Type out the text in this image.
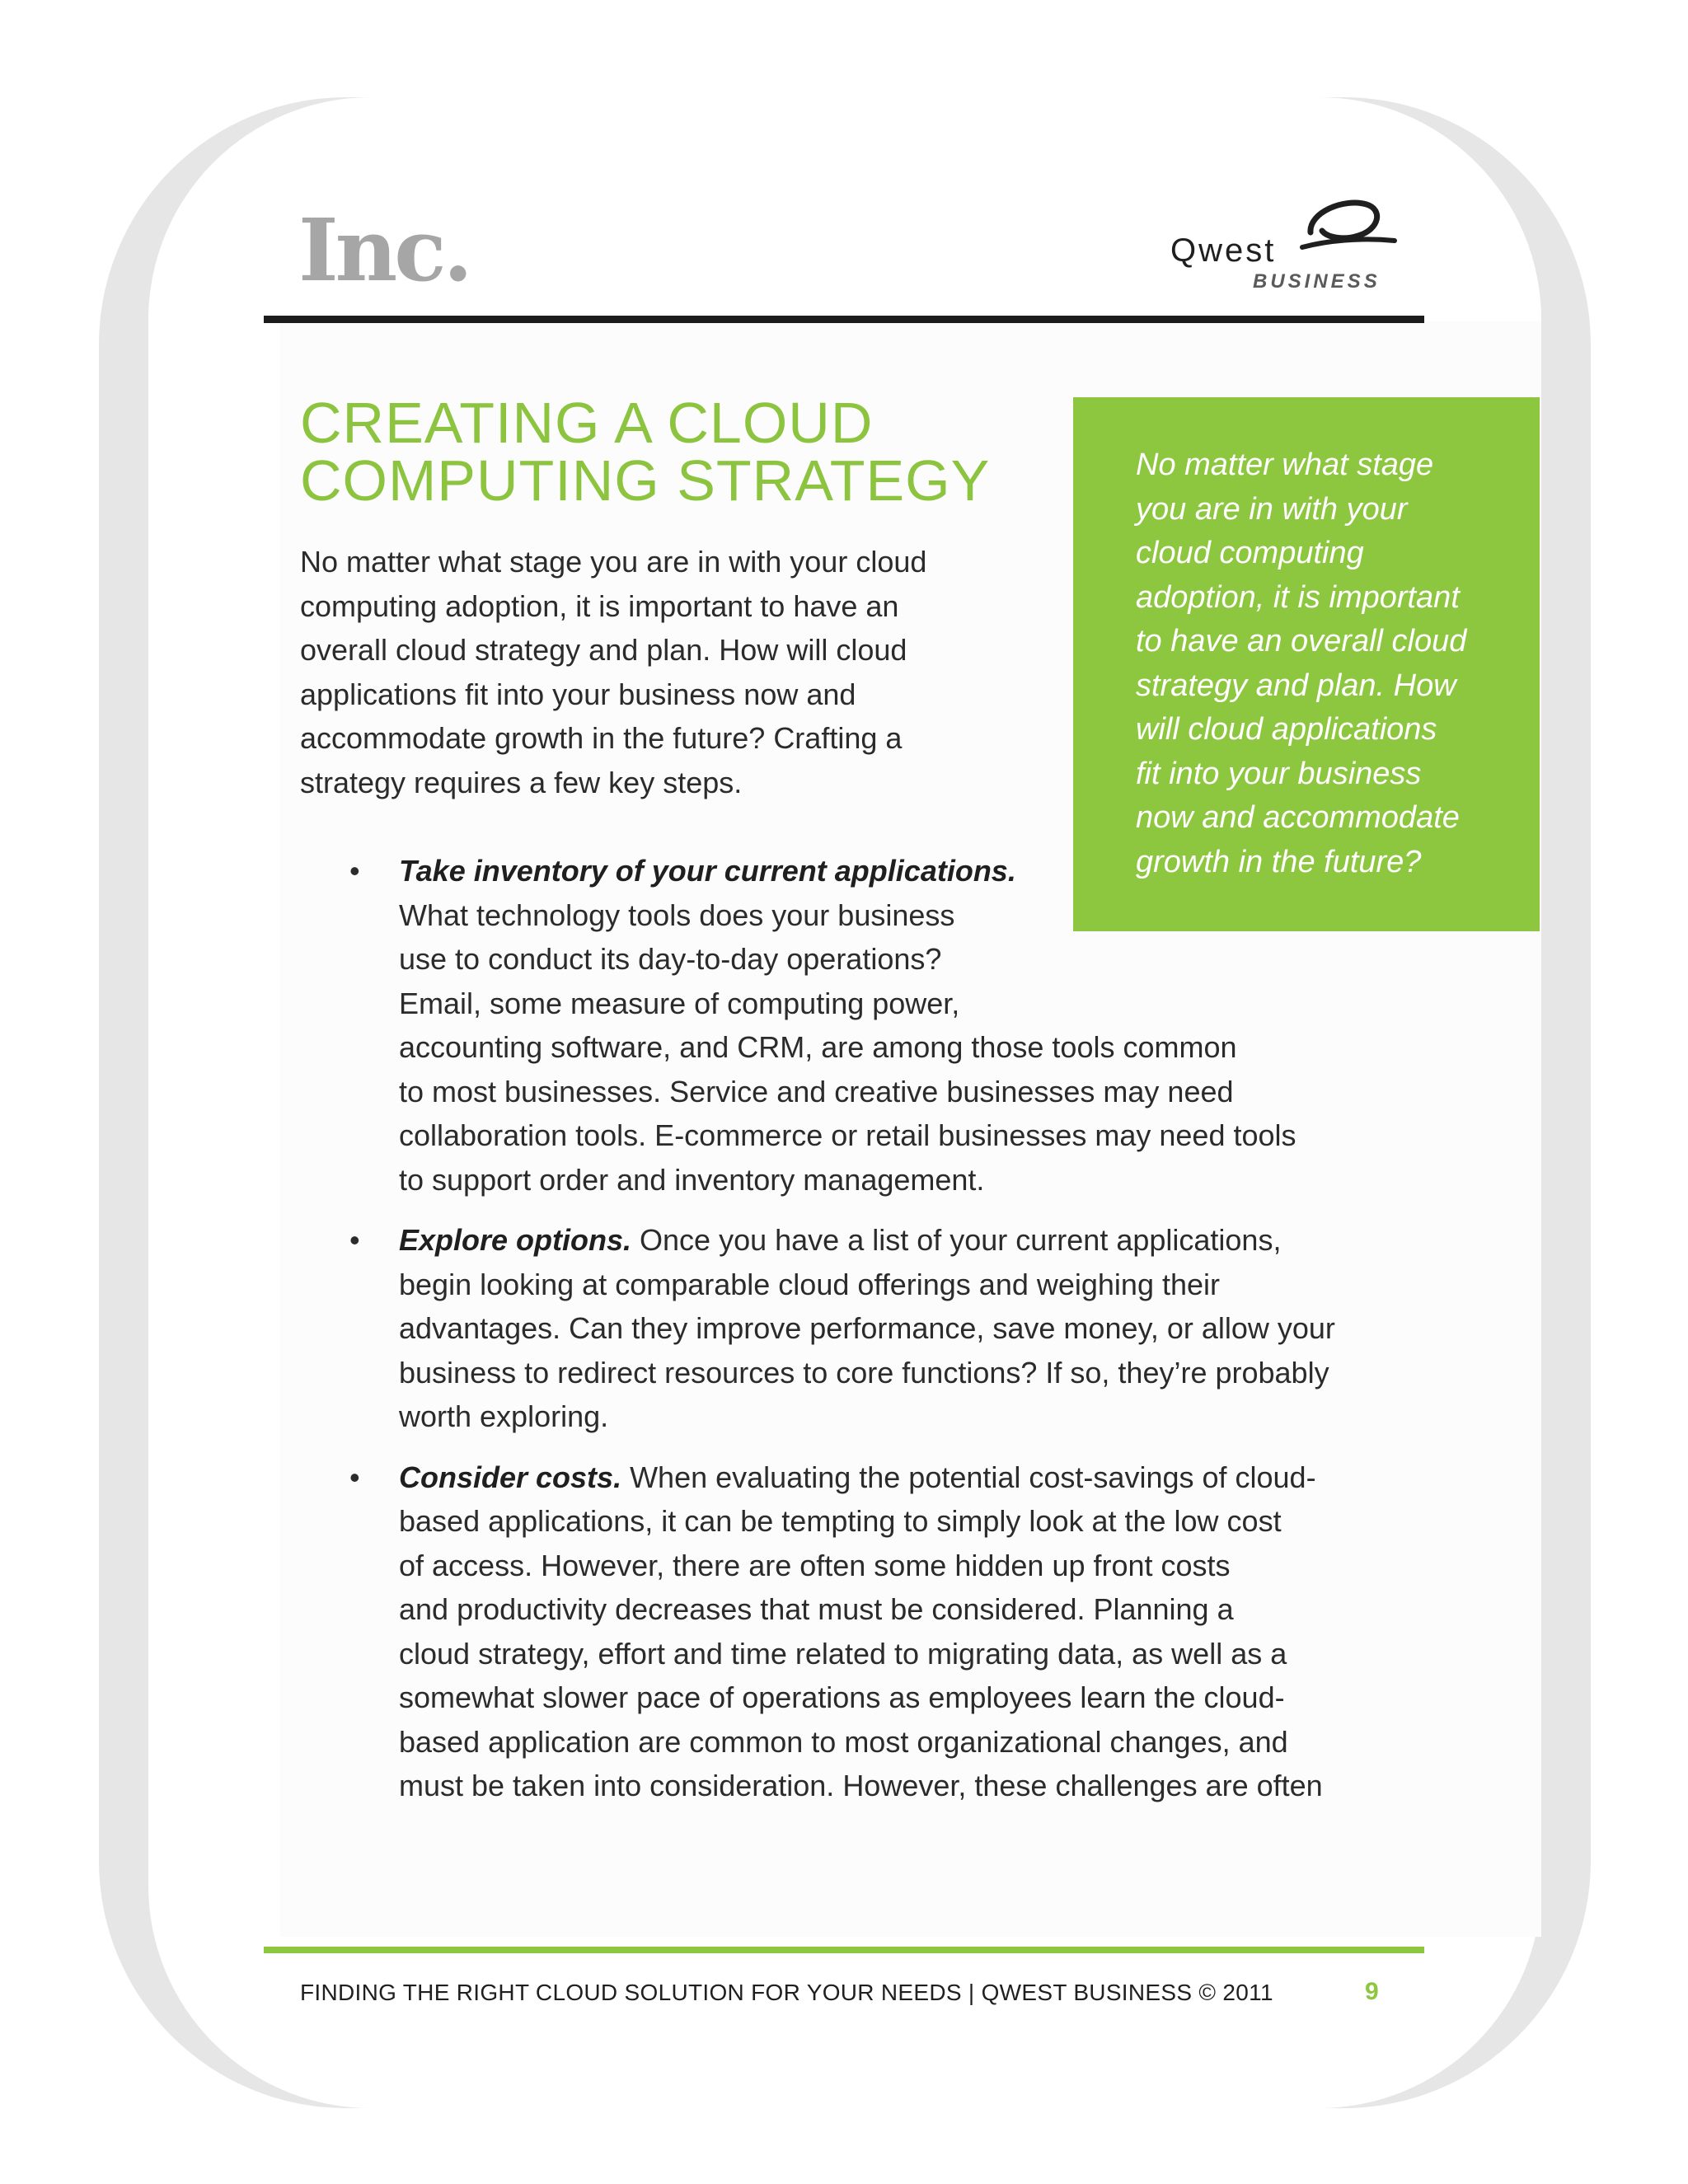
Inc.	Qwest
BUSINESS
CREATING A CLOUD
COMPUTING STRATEGY

No matter what stage you are in with your cloud
computing adoption, it is important to have an
overall cloud strategy and plan. How will cloud
applications fit into your business now and
accommodate growth in the future? Crafting a
strategy requires a few key steps.

No matter what stage
you are in with your
cloud computing
adoption, it is important
to have an overall cloud
strategy and plan. How
will cloud applications
fit into your business
now and accommodate
growth in the future?

• Take inventory of your current applications.
What technology tools does your business
use to conduct its day-to-day operations?
Email, some measure of computing power,
accounting software, and CRM, are among those tools common
to most businesses. Service and creative businesses may need
collaboration tools. E-commerce or retail businesses may need tools
to support order and inventory management.

• Explore options. Once you have a list of your current applications,
begin looking at comparable cloud offerings and weighing their
advantages. Can they improve performance, save money, or allow your
business to redirect resources to core functions? If so, they’re probably
worth exploring.

• Consider costs. When evaluating the potential cost-savings of cloud-
based applications, it can be tempting to simply look at the low cost
of access. However, there are often some hidden up front costs
and productivity decreases that must be considered. Planning a
cloud strategy, effort and time related to migrating data, as well as a
somewhat slower pace of operations as employees learn the cloud-
based application are common to most organizational changes, and
must be taken into consideration. However, these challenges are often

FINDING THE RIGHT CLOUD SOLUTION FOR YOUR NEEDS | QWEST BUSINESS © 2011	9
